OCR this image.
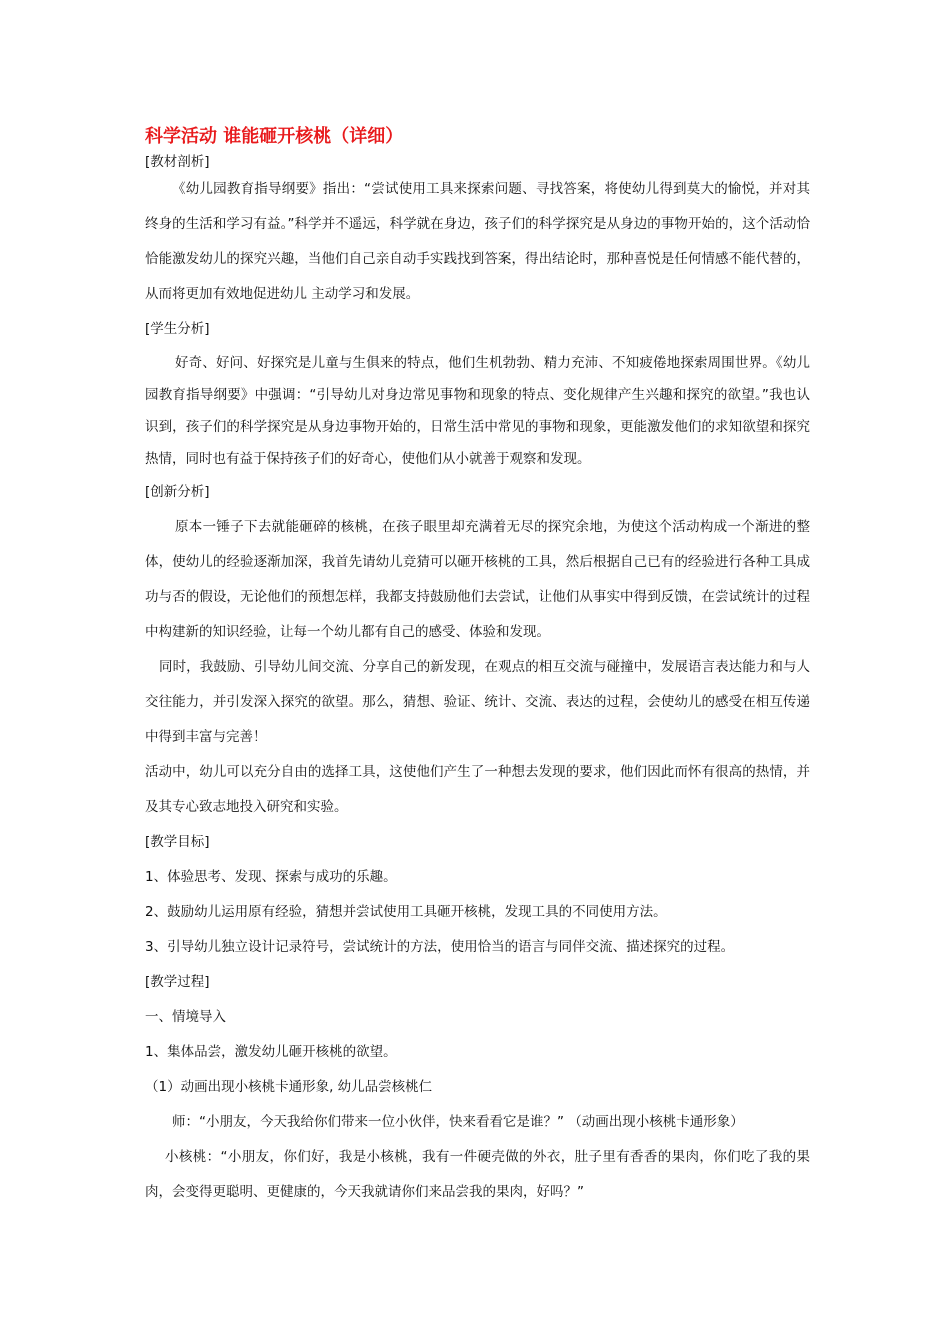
科学活动 谁能砸开核桃（详细）
[教材剖析]

《幼儿园教育指导纲要》指出：“尝试使用工具来探索问题、寻找答案，将使幼儿得到莫大的愉悦，并对其终身的生活和学习有益。”科学并不遥远，科学就在身边，孩子们的科学探究是从身边的事物开始的，这个活动恰恰能激发幼儿的探究兴趣，当他们自己亲自动手实践找到答案，得出结论时，那种喜悦是任何情感不能代替的，从而将更加有效地促进幼儿 主动学习和发展。

[学生分析]

好奇、好问、好探究是儿童与生俱来的特点，他们生机勃勃、精力充沛、不知疲倦地探索周围世界。《幼儿园教育指导纲要》中强调：“引导幼儿对身边常见事物和现象的特点、变化规律产生兴趣和探究的欲望。”我也认识到，孩子们的科学探究是从身边事物开始的，日常生活中常见的事物和现象，更能激发他们的求知欲望和探究热情，同时也有益于保持孩子们的好奇心，使他们从小就善于观察和发现。

[创新分析]

原本一锤子下去就能砸碎的核桃，在孩子眼里却充满着无尽的探究余地，为使这个活动构成一个渐进的整体，使幼儿的经验逐渐加深，我首先请幼儿竞猜可以砸开核桃的工具，然后根据自己已有的经验进行各种工具成功与否的假设，无论他们的预想怎样，我都支持鼓励他们去尝试，让他们从事实中得到反馈，在尝试统计的过程中构建新的知识经验，让每一个幼儿都有自己的感受、体验和发现。

同时，我鼓励、引导幼儿间交流、分享自己的新发现，在观点的相互交流与碰撞中，发展语言表达能力和与人交往能力，并引发深入探究的欲望。那么，猜想、验证、统计、交流、表达的过程，会使幼儿的感受在相互传递中得到丰富与完善！

活动中，幼儿可以充分自由的选择工具，这使他们产生了一种想去发现的要求，他们因此而怀有很高的热情，并及其专心致志地投入研究和实验。

[教学目标]
1、体验思考、发现、探索与成功的乐趣。
2、鼓励幼儿运用原有经验，猜想并尝试使用工具砸开核桃，发现工具的不同使用方法。
3、引导幼儿独立设计记录符号，尝试统计的方法，使用恰当的语言与同伴交流、描述探究的过程。
[教学过程]
一、情境导入
1、集体品尝，激发幼儿砸开核桃的欲望。
（1）动画出现小核桃卡通形象, 幼儿品尝核桃仁

师：“小朋友，今天我给你们带来一位小伙伴，快来看看它是谁？” （动画出现小核桃卡通形象）

小核桃：“小朋友，你们好，我是小核桃，我有一件硬壳做的外衣，肚子里有香香的果肉，你们吃了我的果肉，会变得更聪明、更健康的，今天我就请你们来品尝我的果肉，好吗？”
